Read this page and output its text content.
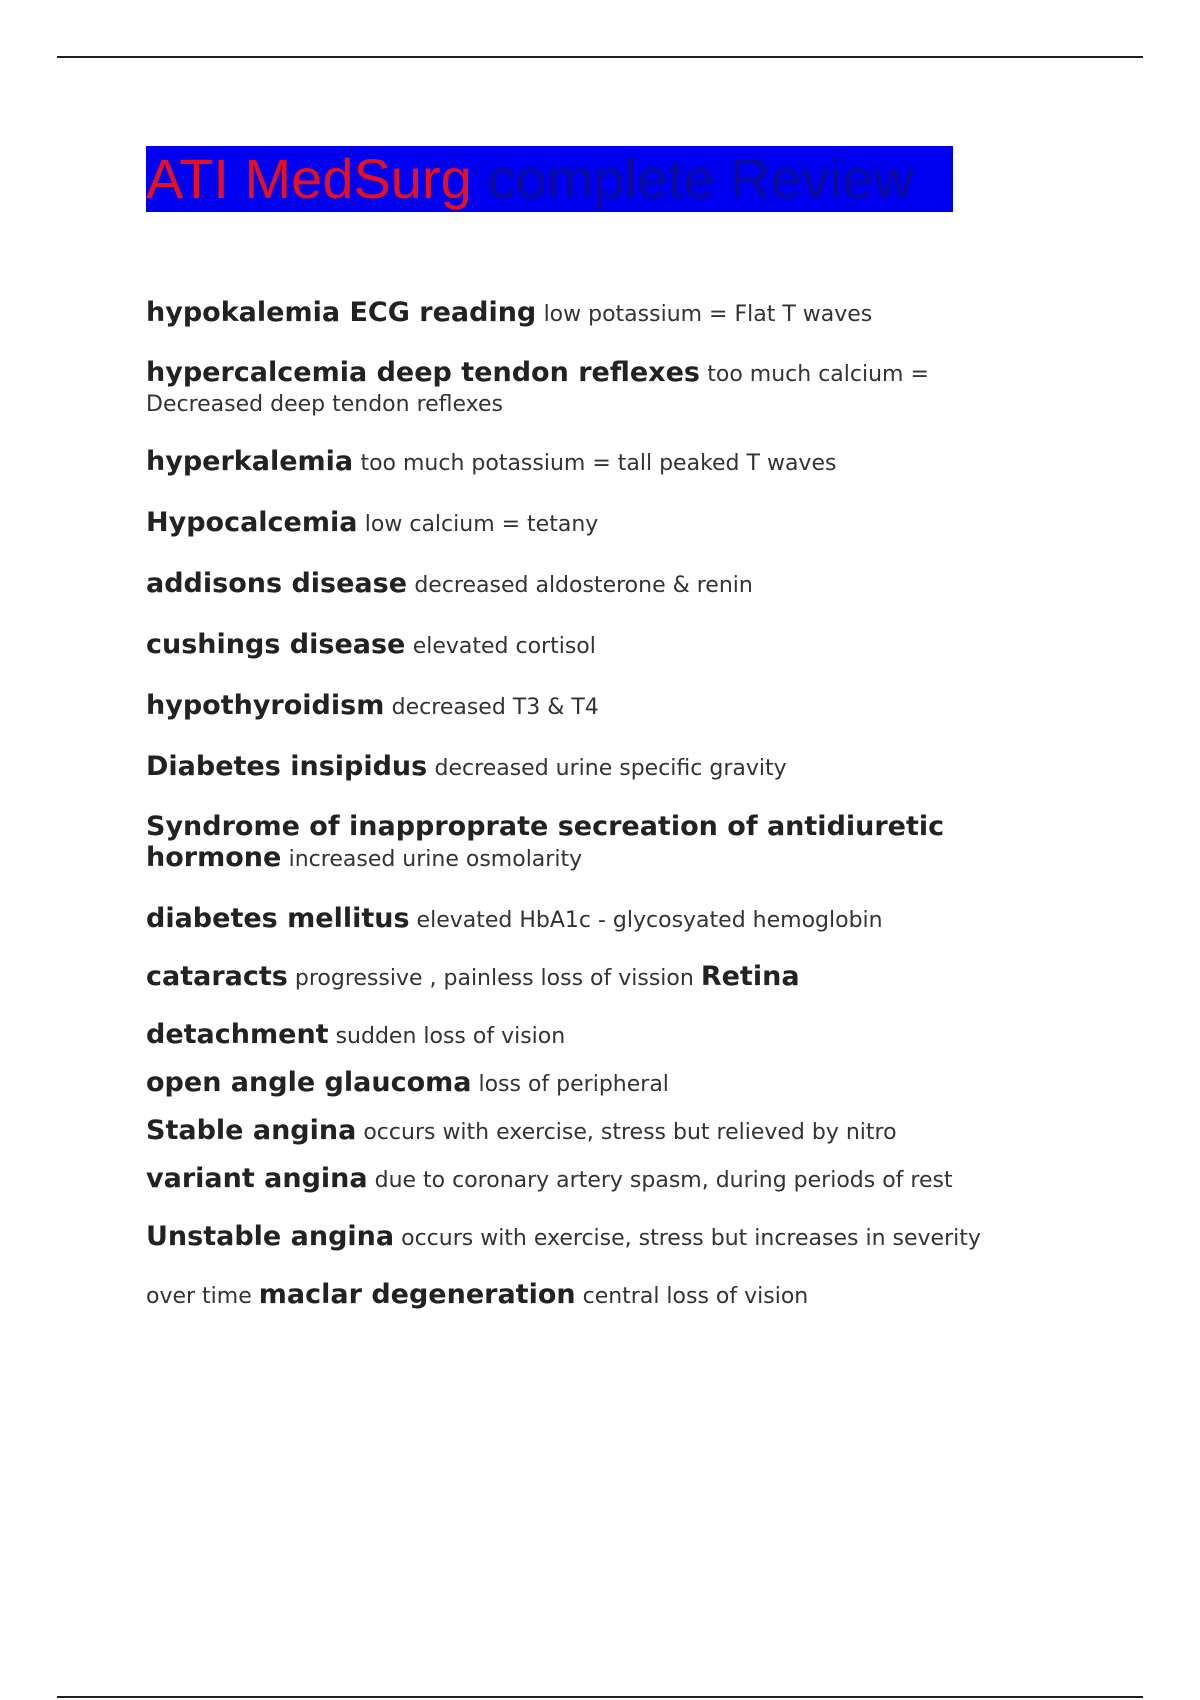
ATI MedSurg complete Review
hypokalemia ECG reading low potassium = Flat T waves
hypercalcemia deep tendon reflexes too much calcium = Decreased deep tendon reflexes
hyperkalemia too much potassium = tall peaked T waves
Hypocalcemia low calcium = tetany
addisons disease decreased aldosterone & renin
cushings disease elevated cortisol
hypothyroidism decreased T3 & T4
Diabetes insipidus decreased urine specific gravity
Syndrome of inapproprate secreation of antidiuretic hormone increased urine osmolarity
diabetes mellitus elevated HbA1c - glycosyated hemoglobin cataracts progressive , painless loss of vission Retina detachment sudden loss of vision
open angle glaucoma loss of peripheral
Stable angina occurs with exercise, stress but relieved by nitro
variant angina due to coronary artery spasm, during periods of rest Unstable angina occurs with exercise, stress but increases in severity over time maclar degeneration central loss of vision
